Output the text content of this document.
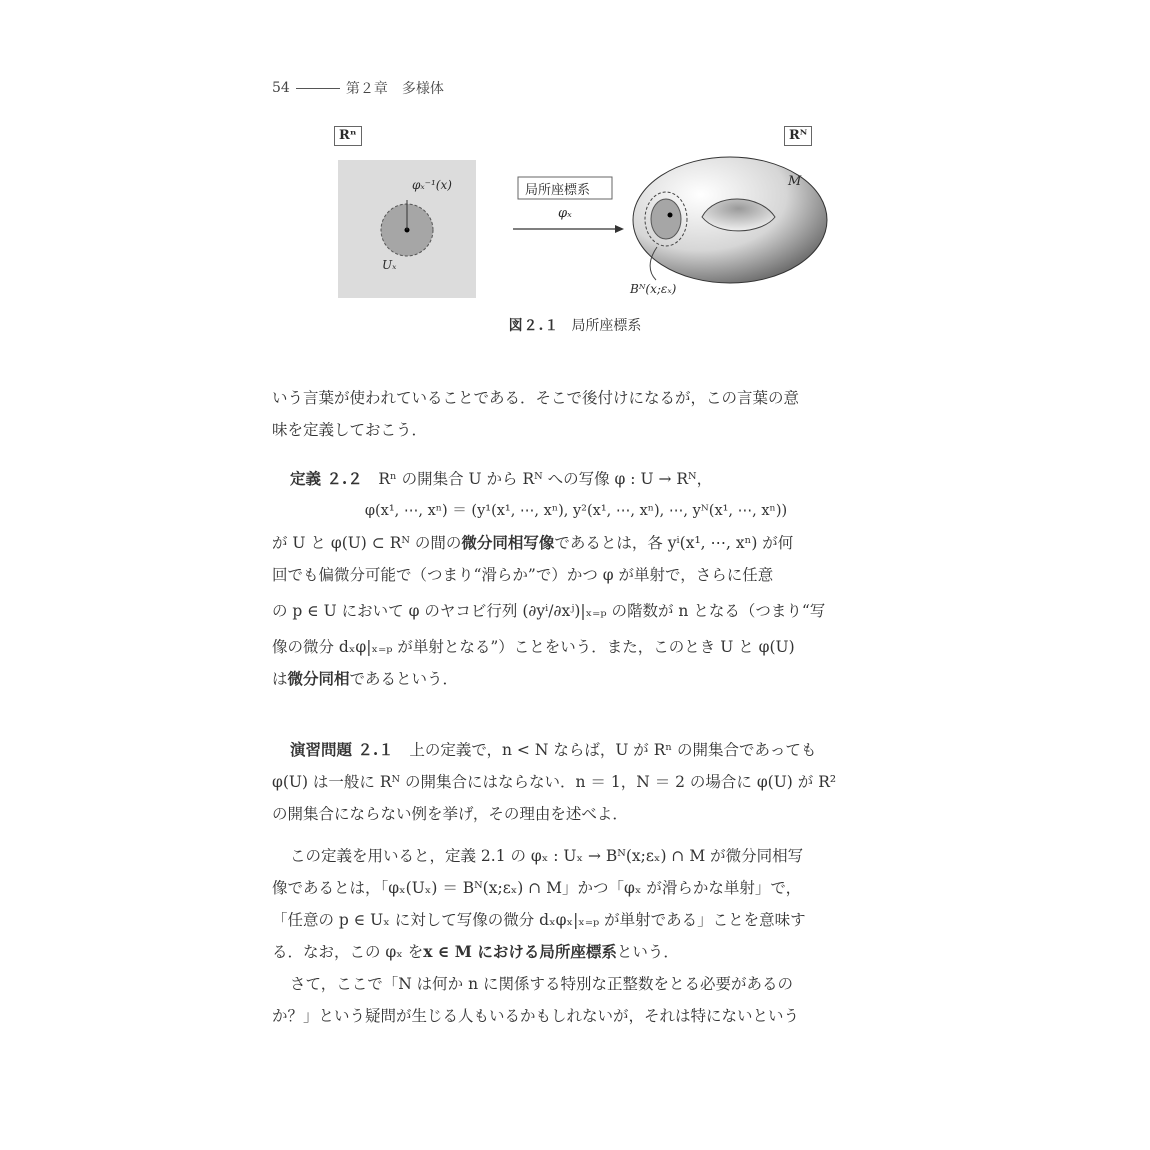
54	第２章 多様体
Rⁿ	Rᴺ
局所座標系
φₓ
φₓ⁻¹(x)
Uₓ
M
Bᴺ(x;εₓ)
図２.１ 局所座標系

いう言葉が使われていることである．そこで後付けになるが，この言葉の意

味を定義しておこう．

定義 ２.２　 Rⁿ の開集合 U から Rᴺ への写像 φ : U → Rᴺ，

φ(x¹, ⋯, xⁿ) ＝ (y¹(x¹, ⋯, xⁿ), y²(x¹, ⋯, xⁿ), ⋯, yᴺ(x¹, ⋯, xⁿ))

が U と φ(U) ⊂ Rᴺ の間の微分同相写像であるとは，各 yⁱ(x¹, ⋯, xⁿ) が何

回でも偏微分可能で（つまり“滑らか”で）かつ φ が単射で，さらに任意

の p ∈ U において φ のヤコビ行列 (∂yⁱ/∂xʲ)|ₓ₌ₚ の階数が n となる（つまり“写

像の微分 dₓφ|ₓ₌ₚ が単射となる”）ことをいう．また，このとき U と φ(U)

は微分同相であるという．

演習問題 ２.１　 上の定義で，n < N ならば，U が Rⁿ の開集合であっても

φ(U) は一般に Rᴺ の開集合にはならない．n ＝ 1，N ＝ 2 の場合に φ(U) が R²

の開集合にならない例を挙げ，その理由を述べよ．

この定義を用いると，定義 2.1 の φₓ : Uₓ → Bᴺ(x;εₓ) ∩ M が微分同相写

像であるとは，「φₓ(Uₓ) ＝ Bᴺ(x;εₓ) ∩ M」かつ「φₓ が滑らかな単射」で，

「任意の p ∈ Uₓ に対して写像の微分 dₓφₓ|ₓ₌ₚ が単射である」ことを意味す

る．なお，この φₓ をx ∈ M における局所座標系という．

さて，ここで「N は何か n に関係する特別な正整数をとる必要があるの

か？」という疑問が生じる人もいるかもしれないが，それは特にないという
